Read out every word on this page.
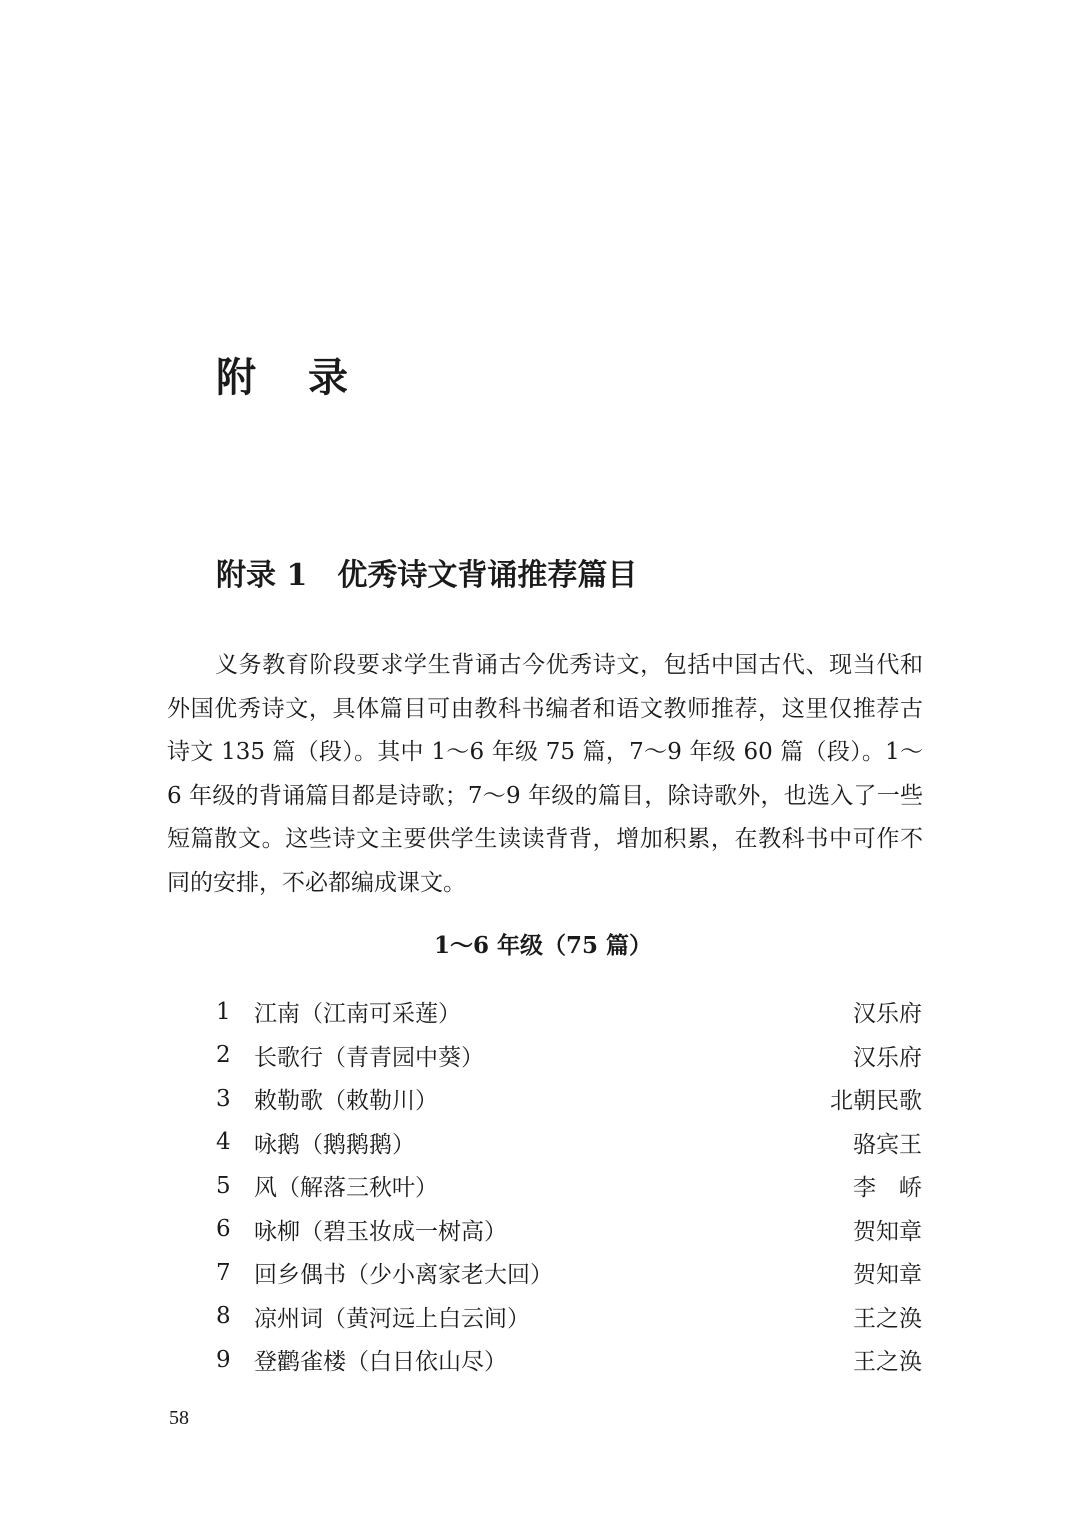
附录
附录 1　优秀诗文背诵推荐篇目

义务教育阶段要求学生背诵古今优秀诗文，包括中国古代、现当代和外国优秀诗文，具体篇目可由教科书编者和语文教师推荐，这里仅推荐古诗文 135 篇（段）。其中 1～6 年级 75 篇，7～9 年级 60 篇（段）。1～6 年级的背诵篇目都是诗歌；7～9 年级的篇目，除诗歌外，也选入了一些短篇散文。这些诗文主要供学生读读背背，增加积累，在教科书中可作不同的安排，不必都编成课文。

1～6 年级（75 篇）
1	江南（江南可采莲）	汉乐府
2	长歌行（青青园中葵）	汉乐府
3	敕勒歌（敕勒川）	北朝民歌
4	咏鹅（鹅鹅鹅）	骆宾王
5	风（解落三秋叶）	李　峤
6	咏柳（碧玉妆成一树高）	贺知章
7	回乡偶书（少小离家老大回）	贺知章
8	凉州词（黄河远上白云间）	王之涣
9	登鹳雀楼（白日依山尽）	王之涣
58
